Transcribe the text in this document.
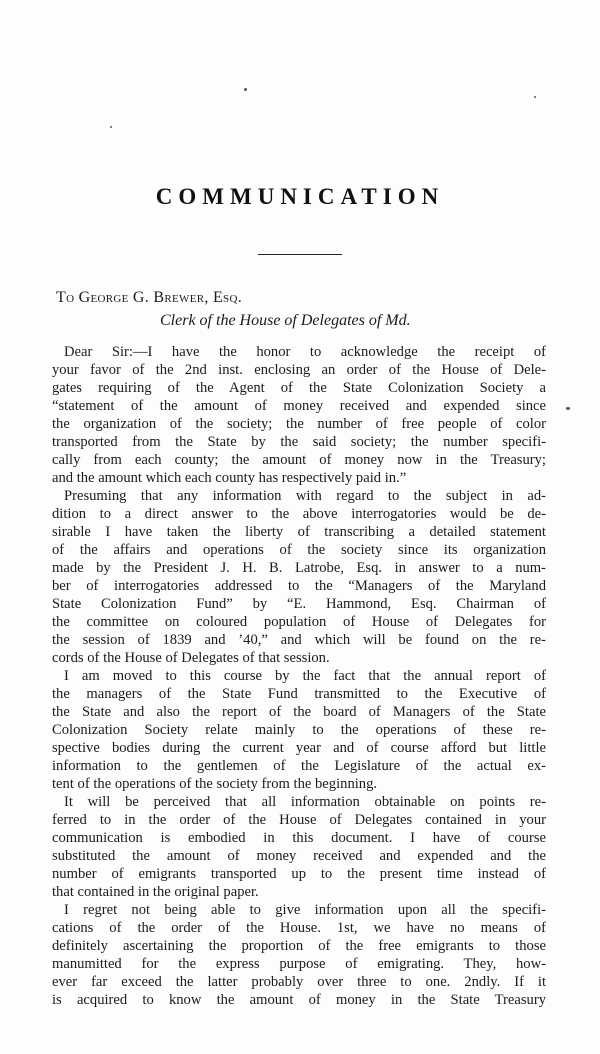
COMMUNICATION
To George G. Brewer, Esq.
Clerk of the House of Delegates of Md.
Dear Sir:—I have the honor to acknowledge the receipt of
your favor of the 2nd inst. enclosing an order of the House of Dele-
gates requiring of the Agent of the State Colonization Society a
“statement of the amount of money received and expended since
the organization of the society; the number of free people of color
transported from the State by the said society; the number specifi-
cally from each county; the amount of money now in the Treasury;
and the amount which each county has respectively paid in.”
Presuming that any information with regard to the subject in ad-
dition to a direct answer to the above interrogatories would be de-
sirable I have taken the liberty of transcribing a detailed statement
of the affairs and operations of the society since its organization
made by the President J. H. B. Latrobe, Esq. in answer to a num-
ber of interrogatories addressed to the “Managers of the Maryland
State Colonization Fund” by “E. Hammond, Esq. Chairman of
the committee on coloured population of House of Delegates for
the session of 1839 and ’40,” and which will be found on the re-
cords of the House of Delegates of that session.
I am moved to this course by the fact that the annual report of
the managers of the State Fund transmitted to the Executive of
the State and also the report of the board of Managers of the State
Colonization Society relate mainly to the operations of these re-
spective bodies during the current year and of course afford but little
information to the gentlemen of the Legislature of the actual ex-
tent of the operations of the society from the beginning.
It will be perceived that all information obtainable on points re-
ferred to in the order of the House of Delegates contained in your
communication is embodied in this document. I have of course
substituted the amount of money received and expended and the
number of emigrants transported up to the present time instead of
that contained in the original paper.
I regret not being able to give information upon all the specifi-
cations of the order of the House. 1st, we have no means of
definitely ascertaining the proportion of the free emigrants to those
manumitted for the express purpose of emigrating. They, how-
ever far exceed the latter probably over three to one. 2ndly. If it
is acquired to know the amount of money in the State Treasury
